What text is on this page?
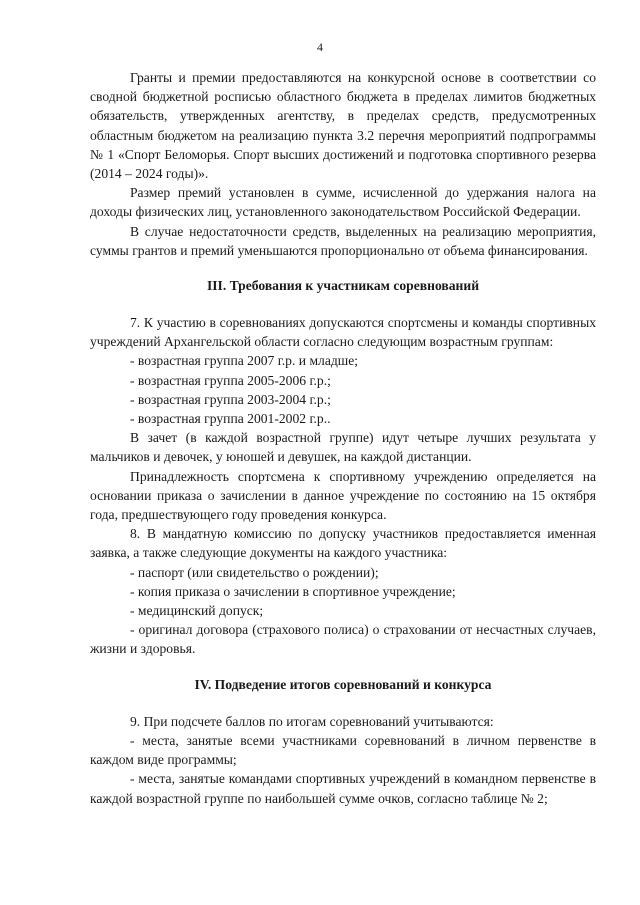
4

Гранты и премии предоставляются на конкурсной основе в соответствии со сводной бюджетной росписью областного бюджета в пределах лимитов бюджетных обязательств, утвержденных агентству, в пределах средств, предусмотренных областным бюджетом на реализацию пункта 3.2 перечня мероприятий подпрограммы № 1 «Спорт Беломорья. Спорт высших достижений и подготовка спортивного резерва (2014 – 2024 годы)».

Размер премий установлен в сумме, исчисленной до удержания налога на доходы физических лиц, установленного законодательством Российской Федерации.

В случае недостаточности средств, выделенных на реализацию мероприятия, суммы грантов и премий уменьшаются пропорционально от объема финансирования.

III. Требования к участникам соревнований

7. К участию в соревнованиях допускаются спортсмены и команды спортивных учреждений Архангельской области согласно следующим возрастным группам:

- возрастная группа 2007 г.р. и младше;

- возрастная группа 2005-2006 г.р.;

- возрастная группа 2003-2004 г.р.;

- возрастная группа 2001-2002 г.р..

В зачет (в каждой возрастной группе) идут четыре лучших результата у мальчиков и девочек, у юношей и девушек, на каждой дистанции.

Принадлежность спортсмена к спортивному учреждению определяется на основании приказа о зачислении в данное учреждение по состоянию на 15 октября года, предшествующего году проведения конкурса.

8. В мандатную комиссию по допуску участников предоставляется именная заявка, а также следующие документы на каждого участника:

- паспорт (или свидетельство о рождении);

- копия приказа о зачислении в спортивное учреждение;

- медицинский допуск;

- оригинал договора (страхового полиса) о страховании от несчастных случаев, жизни и здоровья.

IV. Подведение итогов соревнований и конкурса

9. При подсчете баллов по итогам соревнований учитываются:

- места, занятые всеми участниками соревнований в личном первенстве в каждом виде программы;

- места, занятые командами спортивных учреждений в командном первенстве в каждой возрастной группе по наибольшей сумме очков, согласно таблице № 2;
